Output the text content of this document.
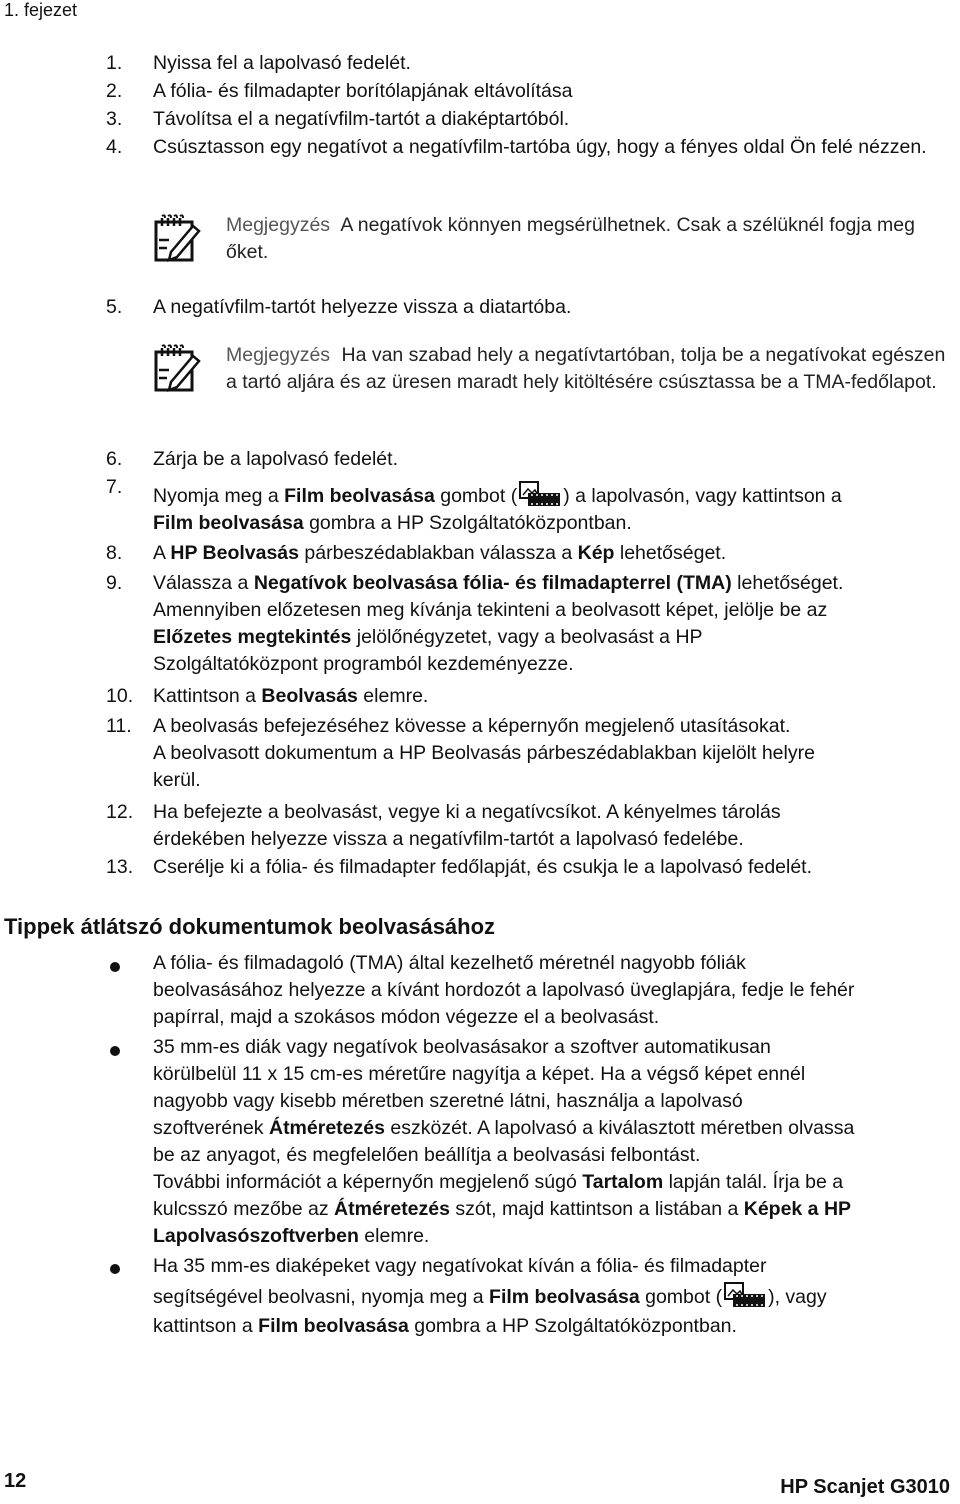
1. fejezet
1.	Nyissa fel a lapolvasó fedelét.
2.	A fólia- és filmadapter borítólapjának eltávolítása
3.	Távolítsa el a negatívfilm-tartót a diaképtartóból.
4.	Csúsztasson egy negatívot a negatívfilm-tartóba úgy, hogy a fényes oldal Ön felé nézzen.
Megjegyzés A negatívok könnyen megsérülhetnek. Csak a szélüknél fogja meg őket.
5.	A negatívfilm-tartót helyezze vissza a diatartóba.
Megjegyzés Ha van szabad hely a negatívtartóban, tolja be a negatívokat egészen a tartó aljára és az üresen maradt hely kitöltésére csúsztassa be a TMA-fedőlapot.
6.	Zárja be a lapolvasó fedelét.
7.	Nyomja meg a Film beolvasása gombot ( ) a lapolvasón, vagy kattintson a
Film beolvasása gombra a HP Szolgáltatóközpontban.
8.	A HP Beolvasás párbeszédablakban válassza a Kép lehetőséget.
9.	Válassza a Negatívok beolvasása fólia- és filmadapterrel (TMA) lehetőséget.
Amennyiben előzetesen meg kívánja tekinteni a beolvasott képet, jelölje be az
Előzetes megtekintés jelölőnégyzetet, vagy a beolvasást a HP
Szolgáltatóközpont programból kezdeményezze.
10. Kattintson a Beolvasás elemre.
11.	A beolvasás befejezéséhez kövesse a képernyőn megjelenő utasításokat.
A beolvasott dokumentum a HP Beolvasás párbeszédablakban kijelölt helyre
kerül.
12. Ha befejezte a beolvasást, vegye ki a negatívcsíkot. A kényelmes tárolás
érdekében helyezze vissza a negatívfilm-tartót a lapolvasó fedelébe.
13. Cserélje ki a fólia- és filmadapter fedőlapját, és csukja le a lapolvasó fedelét.
Tippek átlátszó dokumentumok beolvasásához
A fólia- és filmadagoló (TMA) által kezelhető méretnél nagyobb fóliák
beolvasásához helyezze a kívánt hordozót a lapolvasó üveglapjára, fedje le fehér
papírral, majd a szokásos módon végezze el a beolvasást.
35 mm-es diák vagy negatívok beolvasásakor a szoftver automatikusan
körülbelül 11 x 15 cm-es méretűre nagyítja a képet. Ha a végső képet ennél
nagyobb vagy kisebb méretben szeretné látni, használja a lapolvasó
szoftverének Átméretezés eszközét. A lapolvasó a kiválasztott méretben olvassa
be az anyagot, és megfelelően beállítja a beolvasási felbontást.
További információt a képernyőn megjelenő súgó Tartalom lapján talál. Írja be a
kulcsszó mezőbe az Átméretezés szót, majd kattintson a listában a Képek a HP
Lapolvasószoftverben elemre.
Ha 35 mm-es diaképeket vagy negatívokat kíván a fólia- és filmadapter
segítségével beolvasni, nyomja meg a Film beolvasása gombot ( ), vagy
kattintson a Film beolvasása gombra a HP Szolgáltatóközpontban.
12	HP Scanjet G3010
